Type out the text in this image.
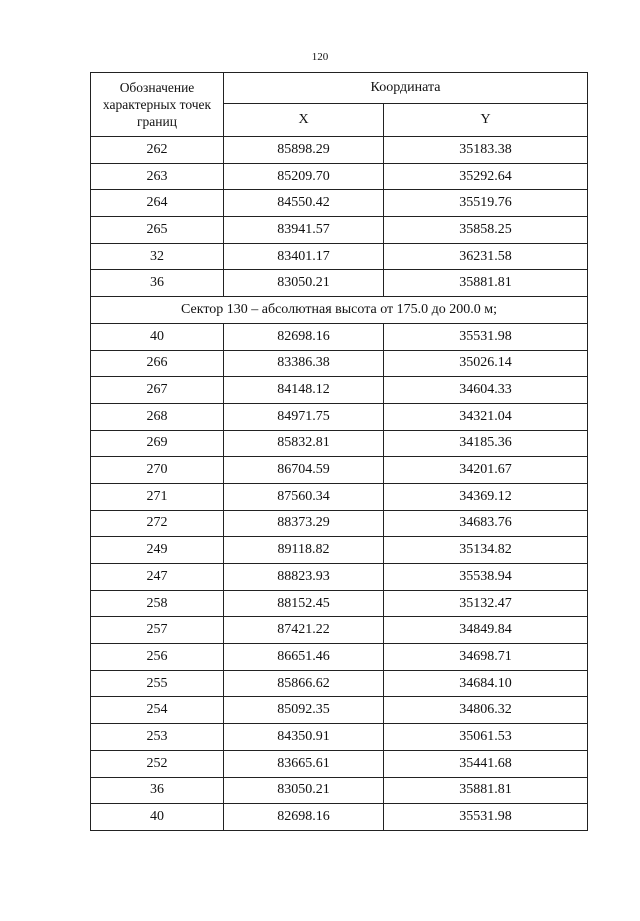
120
Обозначение характерных точек границ	Координата	
	X	Y
262	85898.29	35183.38
263	85209.70	35292.64
264	84550.42	35519.76
265	83941.57	35858.25
32	83401.17	36231.58
36	83050.21	35881.81
Сектор 130 – абсолютная высота от 175.0 до 200.0 м;		
40	82698.16	35531.98
266	83386.38	35026.14
267	84148.12	34604.33
268	84971.75	34321.04
269	85832.81	34185.36
270	86704.59	34201.67
271	87560.34	34369.12
272	88373.29	34683.76
249	89118.82	35134.82
247	88823.93	35538.94
258	88152.45	35132.47
257	87421.22	34849.84
256	86651.46	34698.71
255	85866.62	34684.10
254	85092.35	34806.32
253	84350.91	35061.53
252	83665.61	35441.68
36	83050.21	35881.81
40	82698.16	35531.98
